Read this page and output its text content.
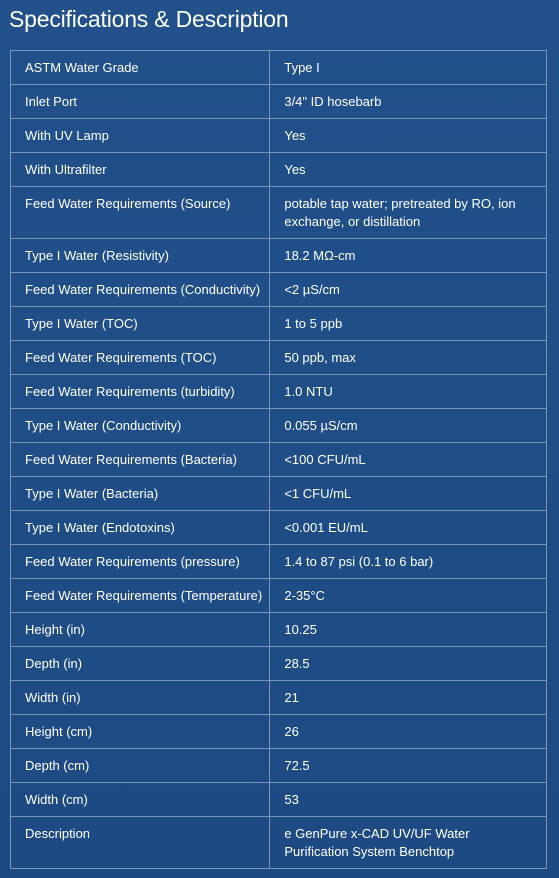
Specifications & Description
ASTM Water Grade	Type I
Inlet Port	3/4" ID hosebarb
With UV Lamp	Yes
With Ultrafilter	Yes
Feed Water Requirements (Source)	potable tap water; pretreated by RO, ion exchange, or distillation
Type I Water (Resistivity)	18.2 MΩ-cm
Feed Water Requirements (Conductivity)	<2 µS/cm
Type I Water (TOC)	1 to 5 ppb
Feed Water Requirements (TOC)	50 ppb, max
Feed Water Requirements (turbidity)	1.0 NTU
Type I Water (Conductivity)	0.055 µS/cm
Feed Water Requirements (Bacteria)	<100 CFU/mL
Type I Water (Bacteria)	<1 CFU/mL
Type I Water (Endotoxins)	<0.001 EU/mL
Feed Water Requirements (pressure)	1.4 to 87 psi (0.1 to 6 bar)
Feed Water Requirements (Temperature)	2-35°C
Height (in)	10.25
Depth (in)	28.5
Width (in)	21
Height (cm)	26
Depth (cm)	72.5
Width (cm)	53
Description	e GenPure x-CAD UV/UF Water Purification System Benchtop
